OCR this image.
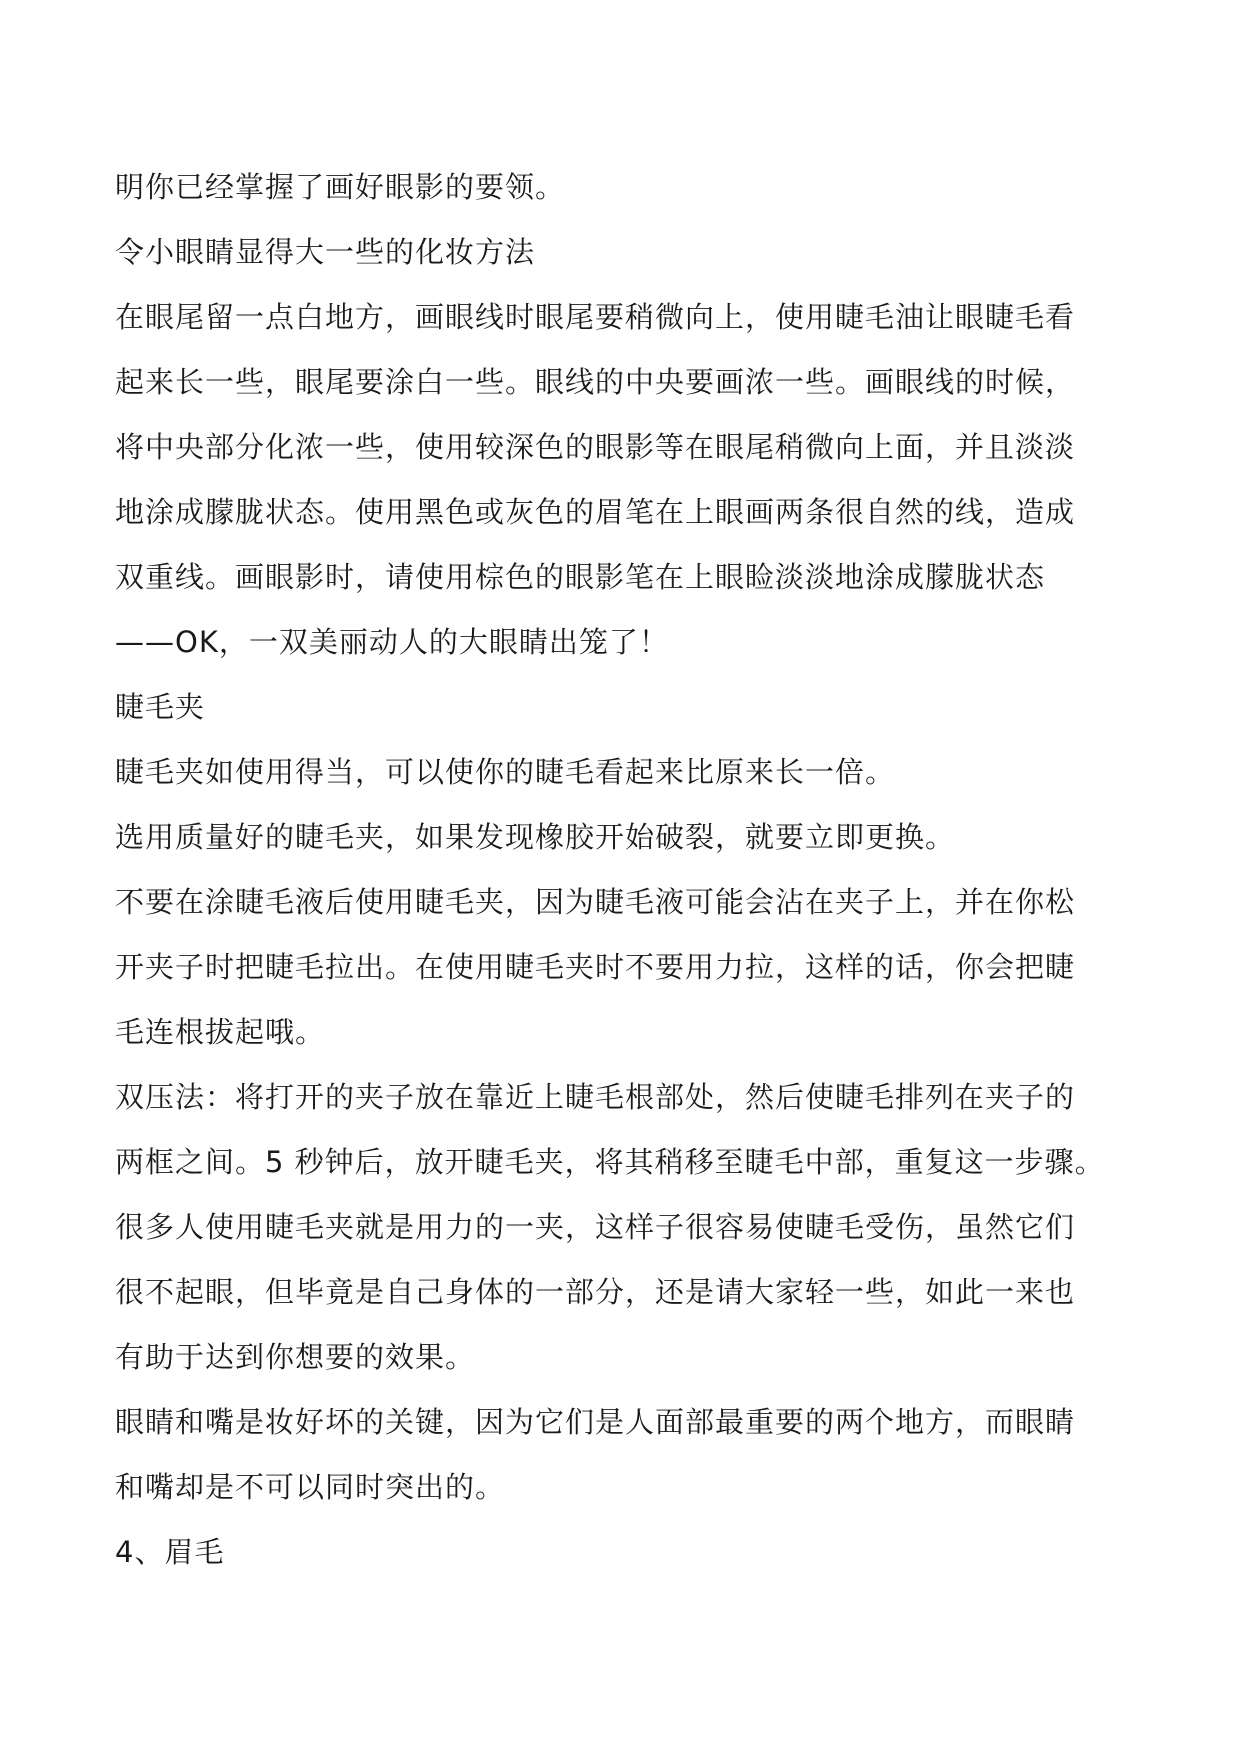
明你已经掌握了画好眼影的要领。
令小眼睛显得大一些的化妆方法
在眼尾留一点白地方，画眼线时眼尾要稍微向上，使用睫毛油让眼睫毛看
起来长一些，眼尾要涂白一些。眼线的中央要画浓一些。画眼线的时候，
将中央部分化浓一些，使用较深色的眼影等在眼尾稍微向上面，并且淡淡
地涂成朦胧状态。使用黑色或灰色的眉笔在上眼画两条很自然的线，造成
双重线。画眼影时，请使用棕色的眼影笔在上眼睑淡淡地涂成朦胧状态
——OK，一双美丽动人的大眼睛出笼了！
睫毛夹
睫毛夹如使用得当，可以使你的睫毛看起来比原来长一倍。
选用质量好的睫毛夹，如果发现橡胶开始破裂，就要立即更换。
不要在涂睫毛液后使用睫毛夹，因为睫毛液可能会沾在夹子上，并在你松
开夹子时把睫毛拉出。在使用睫毛夹时不要用力拉，这样的话，你会把睫
毛连根拔起哦。
双压法：将打开的夹子放在靠近上睫毛根部处，然后使睫毛排列在夹子的
两框之间。5 秒钟后，放开睫毛夹，将其稍移至睫毛中部，重复这一步骤。
很多人使用睫毛夹就是用力的一夹，这样子很容易使睫毛受伤，虽然它们
很不起眼，但毕竟是自己身体的一部分，还是请大家轻一些，如此一来也
有助于达到你想要的效果。
眼睛和嘴是妆好坏的关键，因为它们是人面部最重要的两个地方，而眼睛
和嘴却是不可以同时突出的。
4、眉毛
